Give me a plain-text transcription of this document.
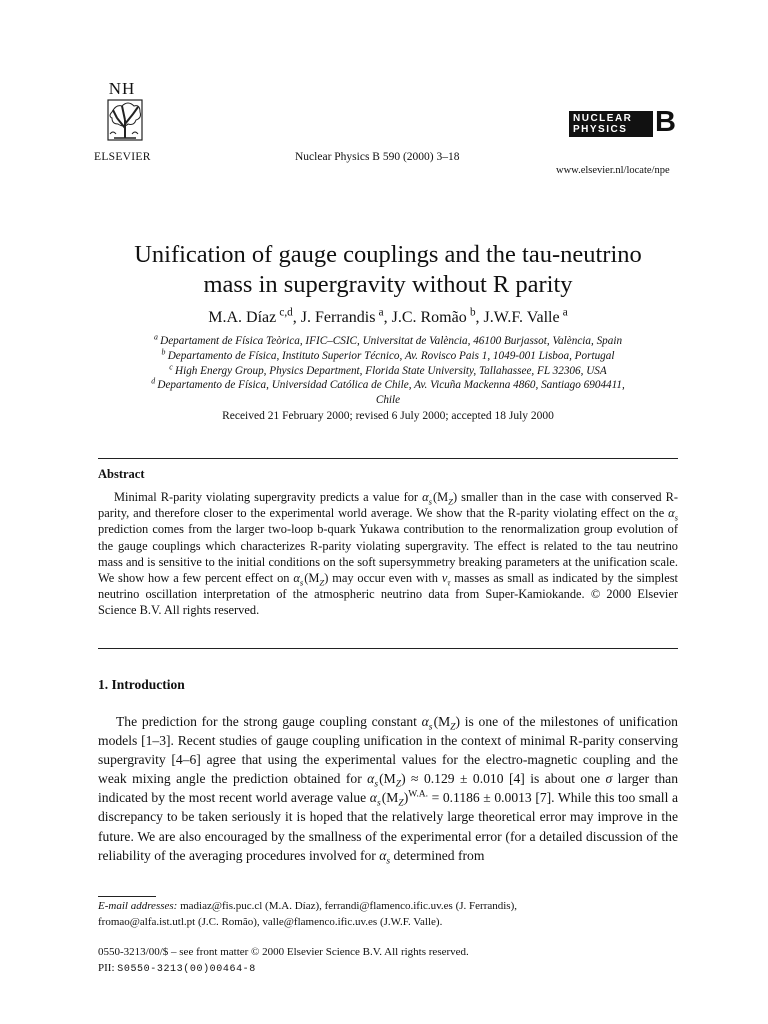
NH
ELSEVIER	Nuclear Physics B 590 (2000) 3–18
NUCLEAR
PHYSICS B
www.elsevier.nl/locate/npe
Unification of gauge couplings and the tau-neutrino
mass in supergravity without R parity
M.A. Díaz  $^{c,d}$, J. Ferrandis  $^a$, J.C. Romão  $^b$, J.W.F. Valle  $^a$
$^a$  Departament de Física Teòrica, IFIC–CSIC, Universitat de València, 46100 Burjassot, València, Spain
$^b$  Departamento de Física, Instituto Superior Técnico, Av. Rovisco Pais 1, 1049-001 Lisboa, Portugal
$^c$  High Energy Group, Physics Department, Florida State University, Tallahassee, FL 32306, USA
$^d$  Departamento de Física, Universidad Católica de Chile, Av. Vicuña Mackenna 4860, Santiago 6904411,
Chile
Received 21 February 2000; revised 6 July 2000; accepted 18 July 2000
Abstract
Minimal R-parity violating supergravity predicts a value for $\alpha_s$ $(M_Z)$ smaller than in the case with conserved R-parity, and therefore closer to the experimental world average. We show that the R-parity violating effect on the $\alpha_s$ prediction comes from the larger two-loop b-quark Yukawa contribution to the renormalization group evolution of the gauge couplings which characterizes R-parity violating supergravity. The effect is related to the tau neutrino mass and is sensitive to the initial conditions on the soft supersymmetry breaking parameters at the unification scale. We show how a few percent effect on $\alpha_s$ $(M_Z)$ may occur even with $\nu_\tau$ masses as small as indicated by the simplest neutrino oscillation interpretation of the atmospheric neutrino data from Super-Kamiokande. © 2000 Elsevier Science B.V. All rights reserved.
1. Introduction
The prediction for the strong gauge coupling constant $\alpha_s$ $(M_Z)$ is one of the milestones of unification models [1–3]. Recent studies of gauge coupling unification in the context of minimal R-parity conserving supergravity [4–6] agree that using the experimental values for the electro-magnetic coupling and the weak mixing angle the prediction obtained for $\alpha_s$ $(M_Z) \approx 0.129 \pm 0.010$ [4] is about one σ larger than indicated by the most recent world average value $\alpha_s$ $(M_Z)^{W.A.} = 0.1186 \pm 0.0013$ [7]. While this too small a discrepancy to be taken seriously it is hoped that the relatively large theoretical error may improve in the future. We are also encouraged by the smallness of the experimental error (for a detailed discussion of the reliability of the averaging procedures involved for $\alpha_s$ determined from
E-mail addresses: madiaz@fis.puc.cl (M.A. Díaz), ferrandi@flamenco.ific.uv.es (J. Ferrandis),
fromao@alfa.ist.utl.pt (J.C. Romão), valle@flamenco.ific.uv.es (J.W.F. Valle).
0550-3213/00/$ – see front matter © 2000 Elsevier Science B.V. All rights reserved.
PII: S0550-3213(00)00464-8
